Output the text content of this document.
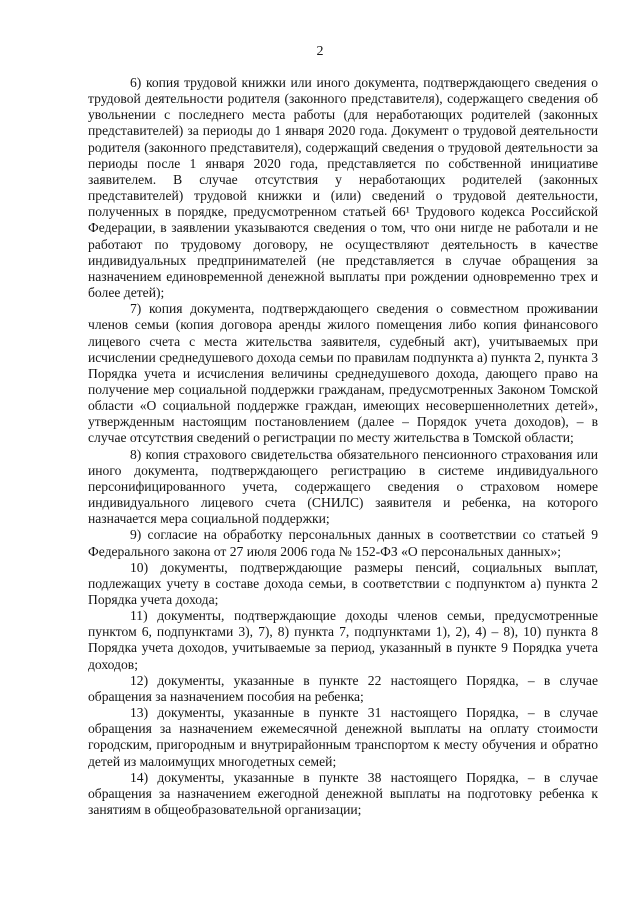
2

6) копия трудовой книжки или иного документа, подтверждающего сведения о трудовой деятельности родителя (законного представителя), содержащего сведения об увольнении с последнего места работы (для неработающих родителей (законных представителей) за периоды до 1 января 2020 года. Документ о трудовой деятельности родителя (законного представителя), содержащий сведения о трудовой деятельности за периоды после 1 января 2020 года, представляется по собственной инициативе заявителем. В случае отсутствия у неработающих родителей (законных представителей) трудовой книжки и (или) сведений о трудовой деятельности, полученных в порядке, предусмотренном статьей 66¹ Трудового кодекса Российской Федерации, в заявлении указываются сведения о том, что они нигде не работали и не работают по трудовому договору, не осуществляют деятельность в качестве индивидуальных предпринимателей (не представляется в случае обращения за назначением единовременной денежной выплаты при рождении одновременно трех и более детей);

7) копия документа, подтверждающего сведения о совместном проживании членов семьи (копия договора аренды жилого помещения либо копия финансового лицевого счета с места жительства заявителя, судебный акт), учитываемых при исчислении среднедушевого дохода семьи по правилам подпункта а) пункта 2, пункта 3 Порядка учета и исчисления величины среднедушевого дохода, дающего право на получение мер социальной поддержки гражданам, предусмотренных Законом Томской области «О социальной поддержке граждан, имеющих несовершеннолетних детей», утвержденным настоящим постановлением (далее – Порядок учета доходов), – в случае отсутствия сведений о регистрации по месту жительства в Томской области;

8) копия страхового свидетельства обязательного пенсионного страхования или иного документа, подтверждающего регистрацию в системе индивидуального персонифицированного учета, содержащего сведения о страховом номере индивидуального лицевого счета (СНИЛС) заявителя и ребенка, на которого назначается мера социальной поддержки;

9) согласие на обработку персональных данных в соответствии со статьей 9 Федерального закона от 27 июля 2006 года № 152-ФЗ «О персональных данных»;

10) документы, подтверждающие размеры пенсий, социальных выплат, подлежащих учету в составе дохода семьи, в соответствии с подпунктом а) пункта 2 Порядка учета дохода;

11) документы, подтверждающие доходы членов семьи, предусмотренные пунктом 6, подпунктами 3), 7), 8) пункта 7, подпунктами 1), 2), 4) – 8), 10) пункта 8 Порядка учета доходов, учитываемые за период, указанный в пункте 9 Порядка учета доходов;

12) документы, указанные в пункте 22 настоящего Порядка, – в случае обращения за назначением пособия на ребенка;

13) документы, указанные в пункте 31 настоящего Порядка, – в случае обращения за назначением ежемесячной денежной выплаты на оплату стоимости городским, пригородным и внутрирайонным транспортом к месту обучения и обратно детей из малоимущих многодетных семей;

14) документы, указанные в пункте 38 настоящего Порядка, – в случае обращения за назначением ежегодной денежной выплаты на подготовку ребенка к занятиям в общеобразовательной организации;
